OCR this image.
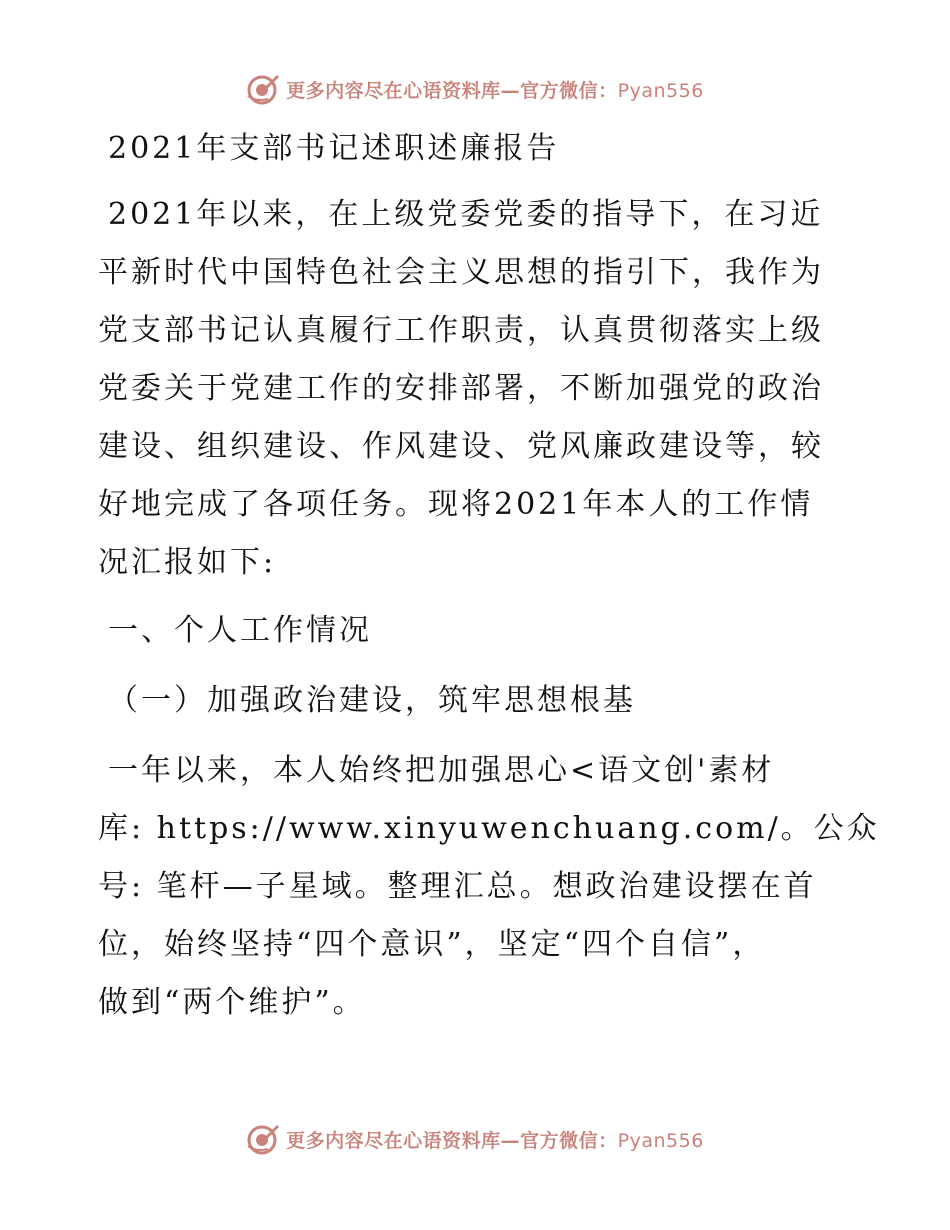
更多内容尽在心语资料库—官方微信：Pyan556

2021年支部书记述职述廉报告

2021年以来，在上级党委党委的指导下，在习近

平新时代中国特色社会主义思想的指引下，我作为

党支部书记认真履行工作职责，认真贯彻落实上级

党委关于党建工作的安排部署，不断加强党的政治

建设、组织建设、作风建设、党风廉政建设等，较

好地完成了各项任务。现将2021年本人的工作情

况汇报如下:

一、个人工作情况

（一）加强政治建设，筑牢思想根基

一年以来，本人始终把加强思心<语文创'素材

库: https://www.xinyuwenchuang.com/。公众

号: 笔杆—子星域。整理汇总。想政治建设摆在首

位，始终坚持“四个意识”，坚定“四个自信”，

做到“两个维护”。

更多内容尽在心语资料库—官方微信：Pyan556
